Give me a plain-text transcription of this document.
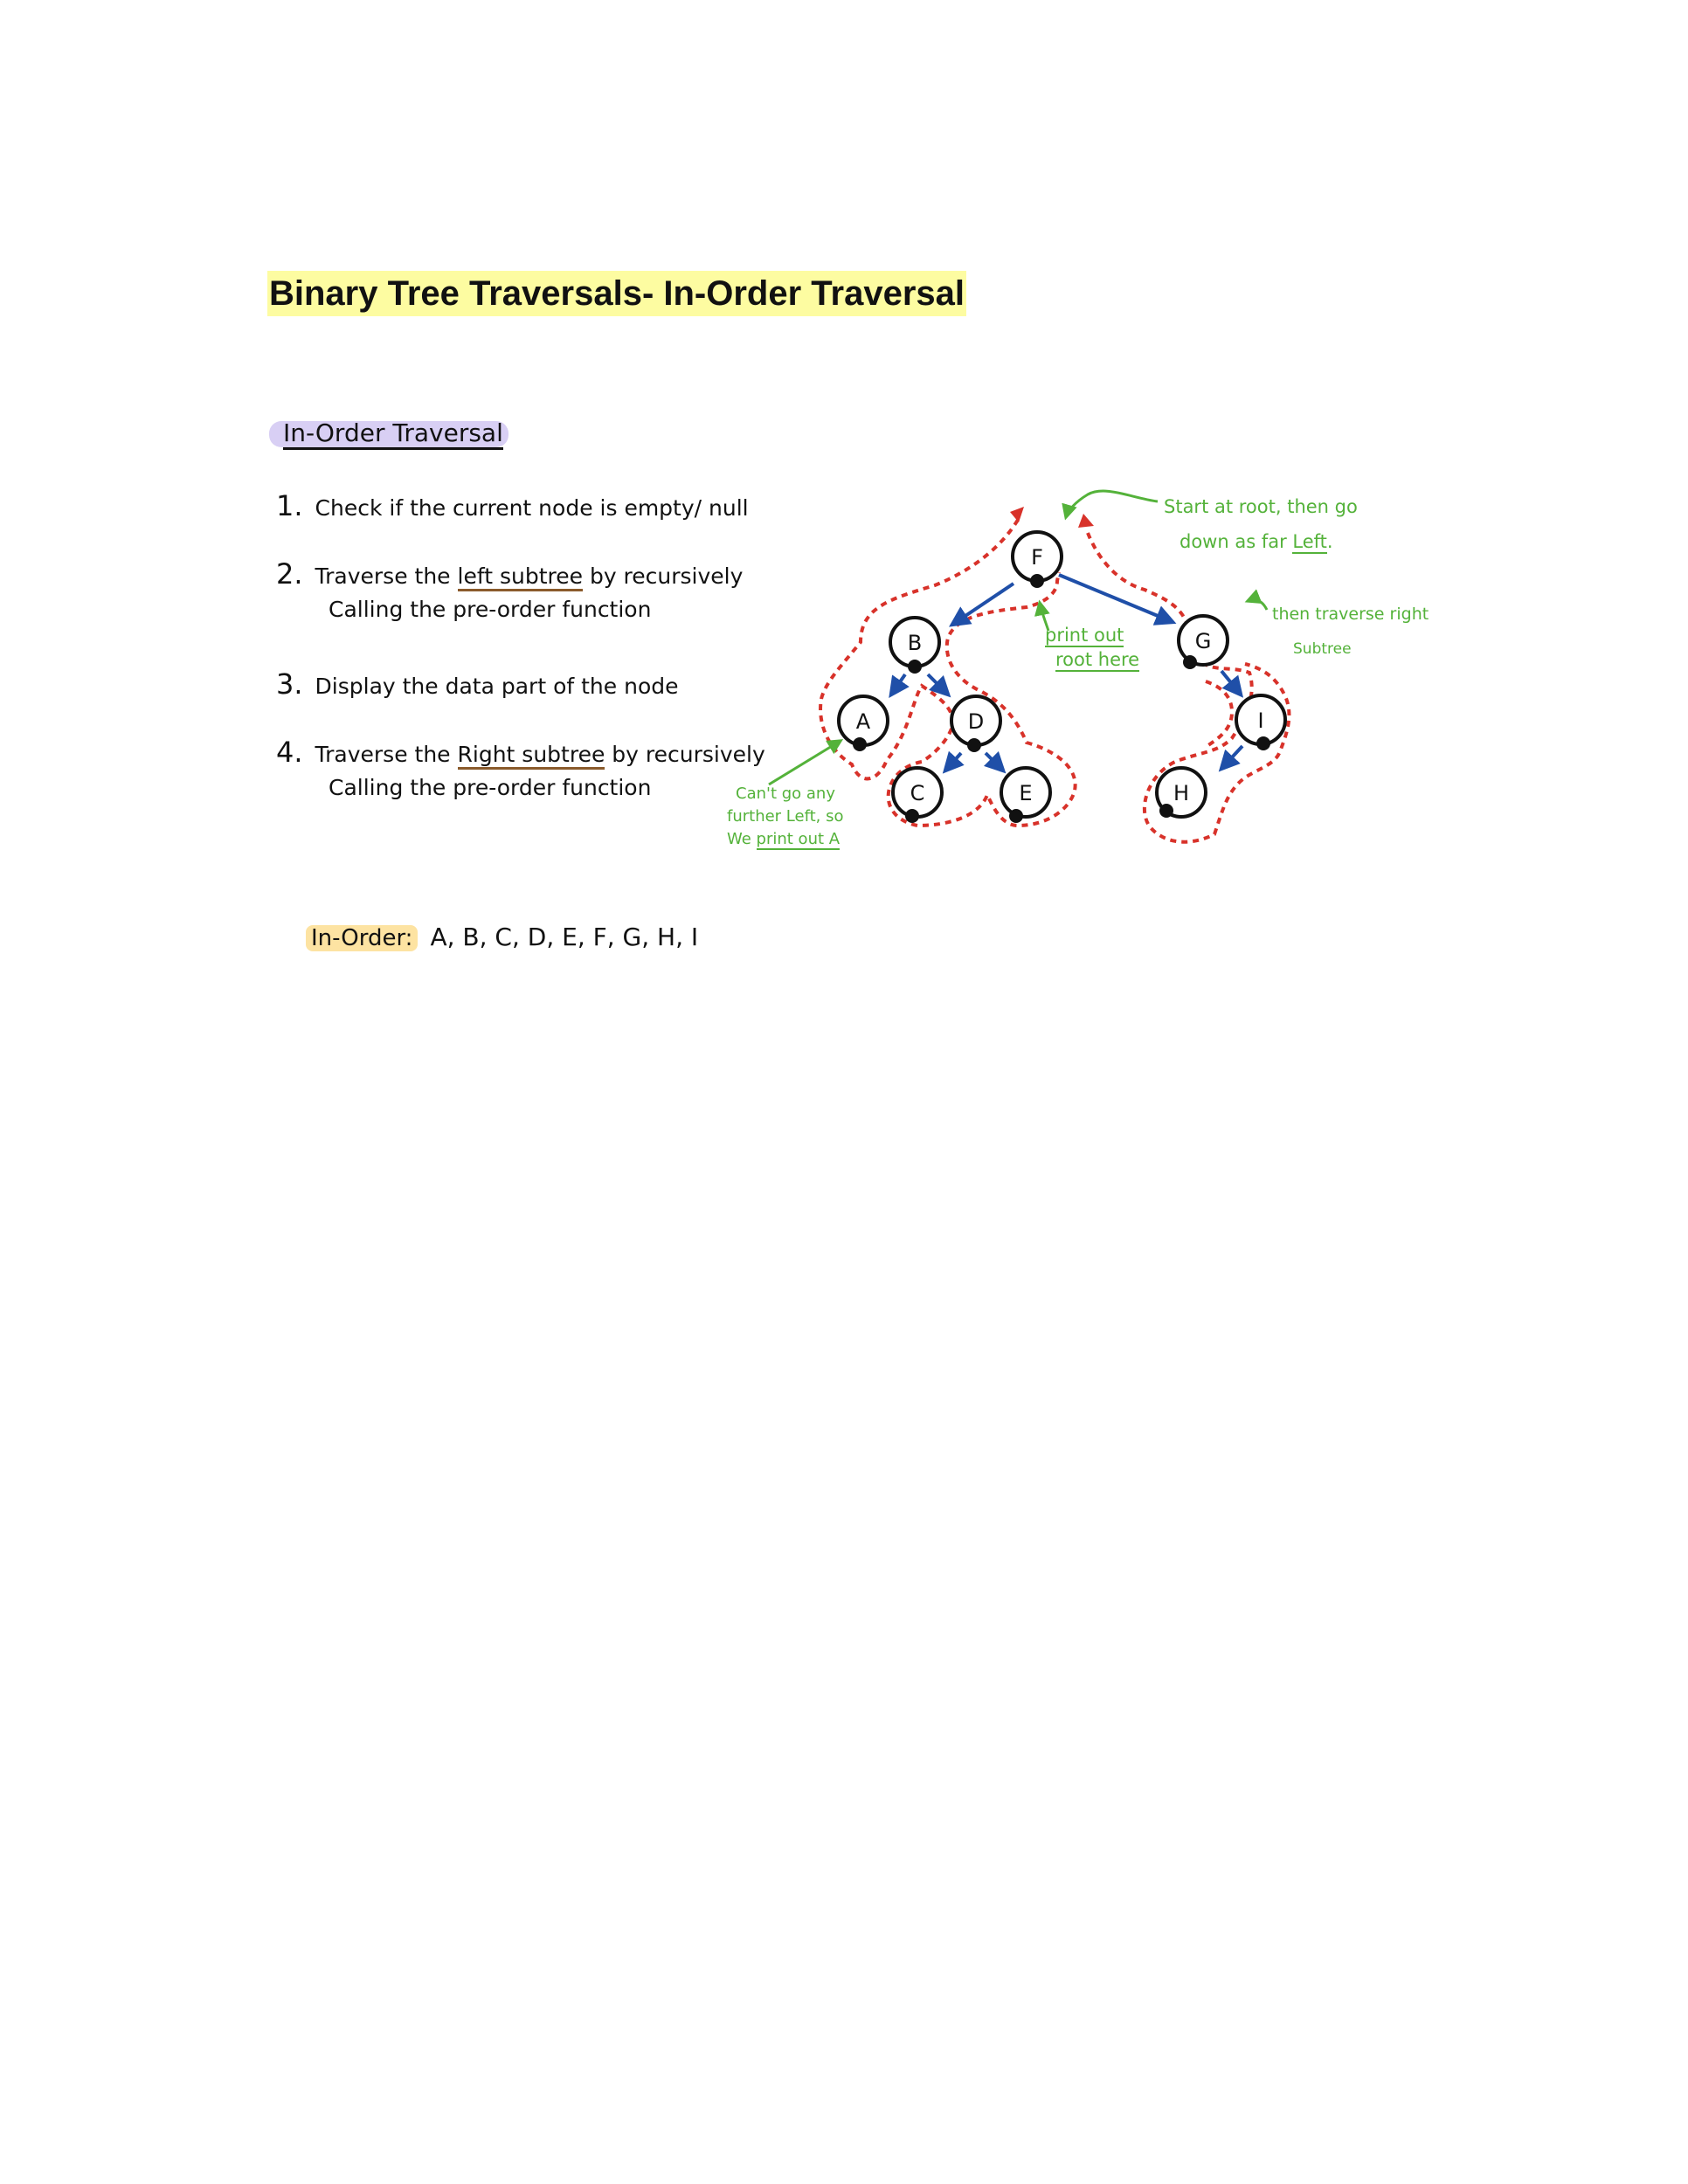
Binary Tree Traversals- In-Order Traversal
In-Order Traversal
1. Check if the current node is empty/ null
2. Traverse the left subtree by recursively
Calling the pre-order function
3. Display the data part of the node
4. Traverse the Right subtree by recursively
Calling the pre-order function
F
B	G
A	D	I
C	E	H
Start at root, then go
down as far Left.
print out
root here
then traverse right
Subtree
Can't go any
further Left, so
We print out A
In-Order: A, B, C, D, E, F, G, H, I
